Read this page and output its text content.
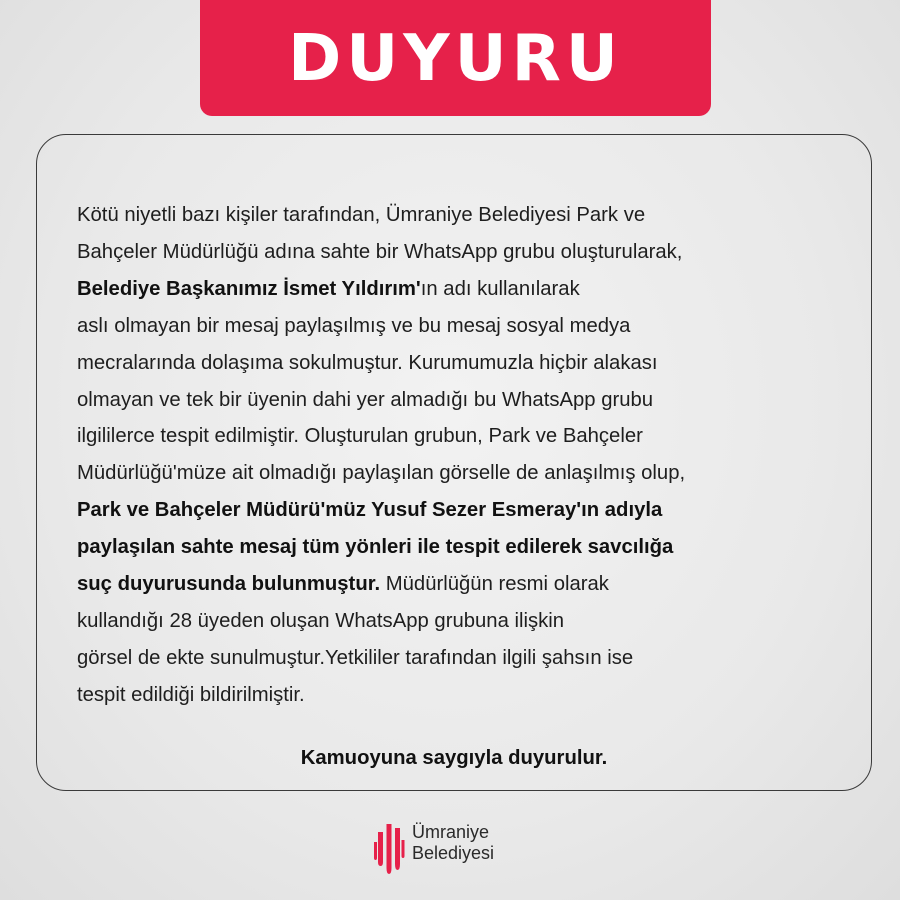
DUYURU
Kötü niyetli bazı kişiler tarafından, Ümraniye Belediyesi Park ve
Bahçeler Müdürlüğü adına sahte bir WhatsApp grubu oluşturularak,
Belediye Başkanımız İsmet Yıldırım'ın adı kullanılarak
aslı olmayan bir mesaj paylaşılmış ve bu mesaj sosyal medya
mecralarında dolaşıma sokulmuştur. Kurumumuzla hiçbir alakası
olmayan ve tek bir üyenin dahi yer almadığı bu WhatsApp grubu
ilgililerce tespit edilmiştir. Oluşturulan grubun, Park ve Bahçeler
Müdürlüğü'müze ait olmadığı paylaşılan görselle de anlaşılmış olup,
Park ve Bahçeler Müdürü'müz Yusuf Sezer Esmeray'ın adıyla
paylaşılan sahte mesaj tüm yönleri ile tespit edilerek savcılığa
suç duyurusunda bulunmuştur. Müdürlüğün resmi olarak
kullandığı 28 üyeden oluşan WhatsApp grubuna ilişkin
görsel de ekte sunulmuştur.Yetkililer tarafından ilgili şahsın ise
tespit edildiği bildirilmiştir.
Kamuoyuna saygıyla duyurulur.
Ümraniye
Belediyesi
